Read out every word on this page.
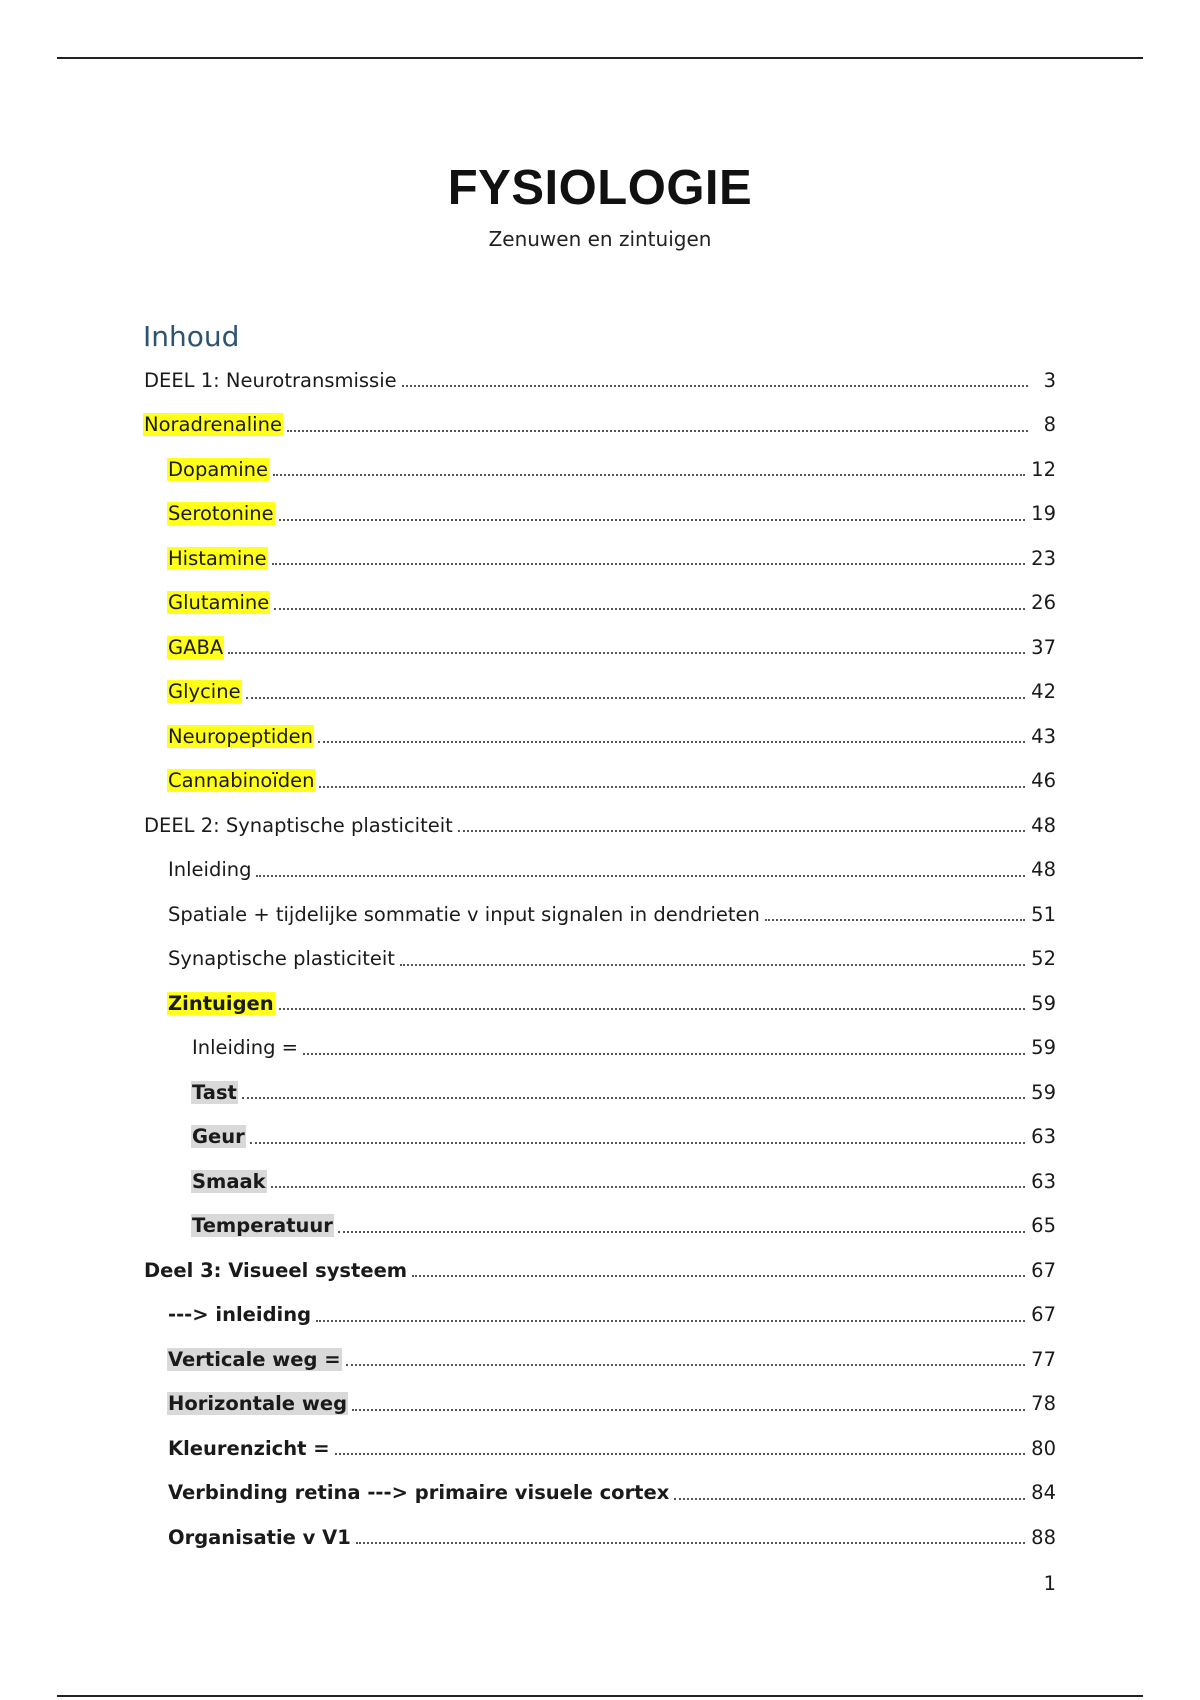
FYSIOLOGIE
Zenuwen en zintuigen
Inhoud
DEEL 1: Neurotransmissie	3
Noradrenaline	8
Dopamine	12
Serotonine	19
Histamine	23
Glutamine	26
GABA	37
Glycine	42
Neuropeptiden	43
Cannabinoïden	46
DEEL 2: Synaptische plasticiteit	48
Inleiding	48
Spatiale + tijdelijke sommatie v input signalen in dendrieten	51
Synaptische plasticiteit	52
Zintuigen	59
Inleiding =	59
Tast	59
Geur	63
Smaak	63
Temperatuur	65
Deel 3: Visueel systeem	67
---> inleiding	67
Verticale weg =	77
Horizontale weg	78
Kleurenzicht =	80
Verbinding retina ---> primaire visuele cortex	84
Organisatie v V1	88
1
